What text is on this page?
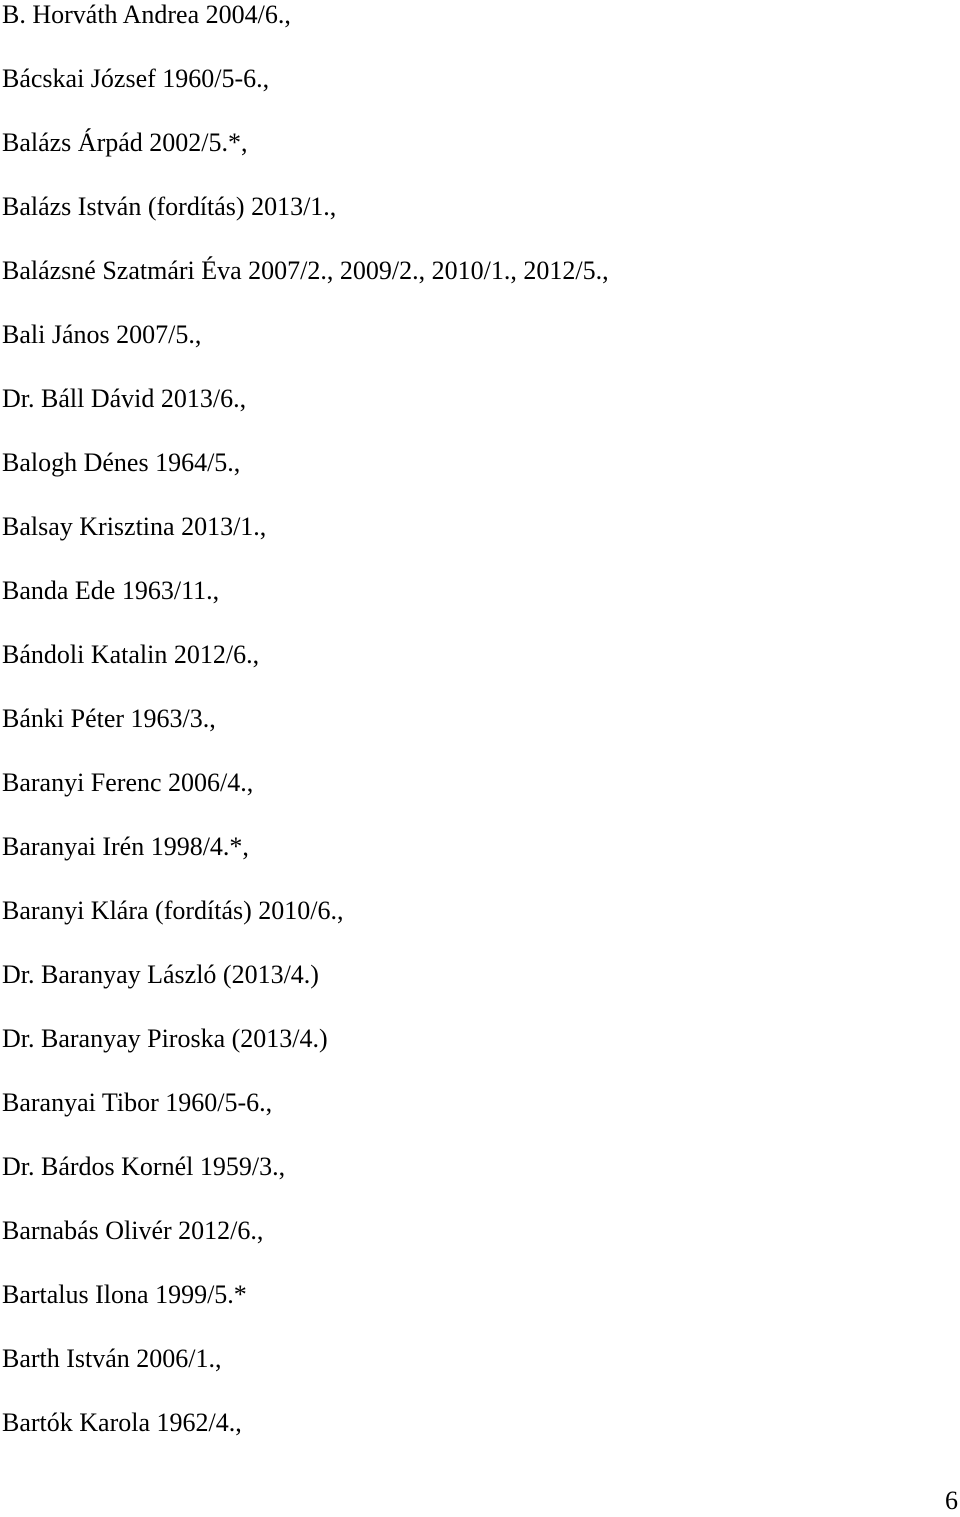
B. Horváth Andrea 2004/6.,
Bácskai József 1960/5-6.,
Balázs Árpád 2002/5.*,
Balázs István (fordítás) 2013/1.,
Balázsné Szatmári Éva 2007/2., 2009/2., 2010/1., 2012/5.,
Bali János 2007/5.,
Dr. Báll Dávid 2013/6.,
Balogh Dénes 1964/5.,
Balsay Krisztina 2013/1.,
Banda Ede 1963/11.,
Bándoli Katalin 2012/6.,
Bánki Péter 1963/3.,
Baranyi Ferenc 2006/4.,
Baranyai Irén 1998/4.*,
Baranyi Klára (fordítás) 2010/6.,
Dr. Baranyay László (2013/4.)
Dr. Baranyay Piroska (2013/4.)
Baranyai Tibor 1960/5-6.,
Dr. Bárdos Kornél 1959/3.,
Barnabás Olivér 2012/6.,
Bartalus Ilona 1999/5.*
Barth István 2006/1.,
Bartók Karola 1962/4.,
6
